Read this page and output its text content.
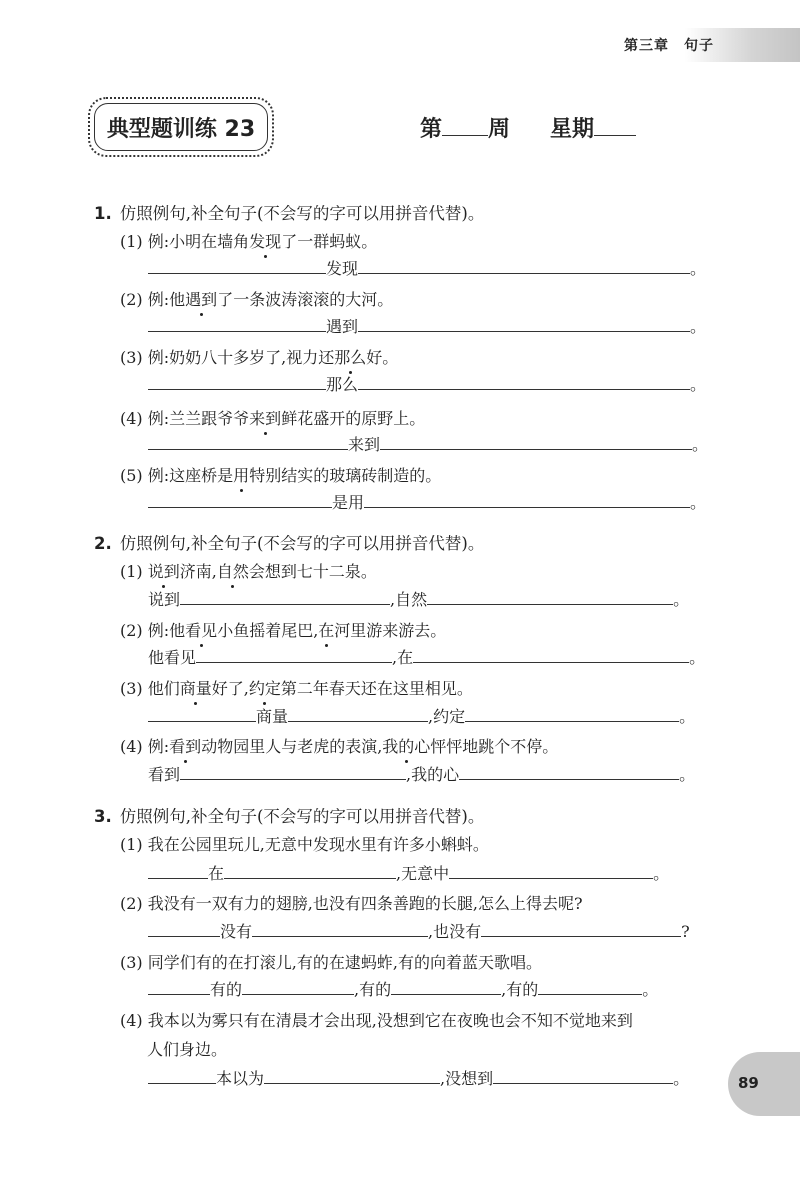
第三章　句子
典型题训练 23	第 周 星期
1. 仿照例句,补全句子(不会写的字可以用拼音代替)。
(1) 例:小明在墙角发现了一群蚂蚁。
发现	。
(2) 例:他遇到了一条波涛滚滚的大河。
遇到	。
(3) 例:奶奶八十多岁了,视力还那么好。
那么	。
(4) 例:兰兰跟爷爷来到鲜花盛开的原野上。
来到	。
(5) 例:这座桥是用特别结实的玻璃砖制造的。
是用	。
2. 仿照例句,补全句子(不会写的字可以用拼音代替)。
(1) 说到济南,自然会想到七十二泉。
说到	,自然	。
(2) 例:他看见小鱼摇着尾巴,在河里游来游去。
他看见	,在	。
(3) 他们商量好了,约定第二年春天还在这里相见。
商量	,约定	。
(4) 例:看到动物园里人与老虎的表演,我的心怦怦地跳个不停。
看到	,我的心	。
3. 仿照例句,补全句子(不会写的字可以用拼音代替)。
(1) 我在公园里玩儿,无意中发现水里有许多小蝌蚪。
在	,无意中	。
(2) 我没有一双有力的翅膀,也没有四条善跑的长腿,怎么上得去呢?
没有	,也没有	?
(3) 同学们有的在打滚儿,有的在逮蚂蚱,有的向着蓝天歌唱。
有的	,有的	,有的	。
(4) 我本以为雾只有在清晨才会出现,没想到它在夜晚也会不知不觉地来到
人们身边。
本以为	,没想到	。	89
